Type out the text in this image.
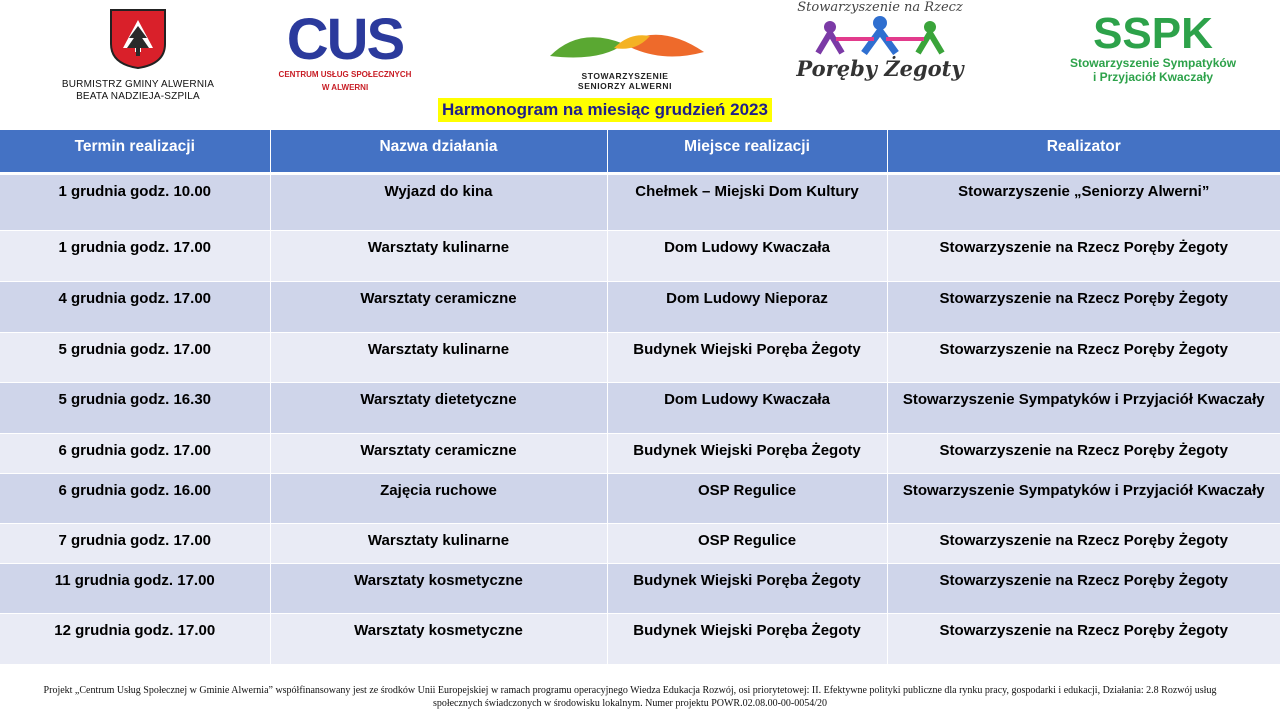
BURMISTRZ GMINY ALWERNIA
BEATA NADZIEJA-SZPILA
CUS
CENTRUM USŁUG SPOŁECZNYCH
W ALWERNI
STOWARZYSZENIE
SENIORZY ALWERNI
Stowarzyszenie na Rzecz
Poręby Żegoty
SSPK
Stowarzyszenie Sympatyków
i Przyjaciół Kwaczały
Harmonogram na miesiąc grudzień 2023
Termin realizacji	Nazwa działania	Miejsce realizacji	Realizator
1 grudnia godz. 10.00	Wyjazd do kina	Chełmek – Miejski Dom Kultury	Stowarzyszenie „Seniorzy Alwerni”
1 grudnia godz. 17.00	Warsztaty kulinarne	Dom Ludowy Kwaczała	Stowarzyszenie na Rzecz Poręby Żegoty
4 grudnia godz. 17.00	Warsztaty ceramiczne	Dom Ludowy Nieporaz	Stowarzyszenie na Rzecz Poręby Żegoty
5 grudnia godz. 17.00	Warsztaty kulinarne	Budynek Wiejski Poręba Żegoty	Stowarzyszenie na Rzecz Poręby Żegoty
5 grudnia godz. 16.30	Warsztaty dietetyczne	Dom Ludowy Kwaczała	Stowarzyszenie Sympatyków i Przyjaciół Kwaczały
6 grudnia godz. 17.00	Warsztaty ceramiczne	Budynek Wiejski Poręba Żegoty	Stowarzyszenie na Rzecz Poręby Żegoty
6 grudnia godz. 16.00	Zajęcia ruchowe	OSP Regulice	Stowarzyszenie Sympatyków i Przyjaciół Kwaczały
7 grudnia godz. 17.00	Warsztaty kulinarne	OSP Regulice	Stowarzyszenie na Rzecz Poręby Żegoty
11 grudnia godz. 17.00	Warsztaty kosmetyczne	Budynek Wiejski Poręba Żegoty	Stowarzyszenie na Rzecz Poręby Żegoty
12 grudnia godz. 17.00	Warsztaty kosmetyczne	Budynek Wiejski Poręba Żegoty	Stowarzyszenie na Rzecz Poręby Żegoty
Projekt „Centrum Usług Społecznej w Gminie Alwernia” współfinansowany jest ze środków Unii Europejskiej w ramach programu operacyjnego Wiedza Edukacja Rozwój, osi priorytetowej: II. Efektywne polityki publiczne dla rynku pracy, gospodarki i edukacji, Działania: 2.8 Rozwój usług społecznych świadczonych w środowisku lokalnym. Numer projektu POWR.02.08.00-00-0054/20
